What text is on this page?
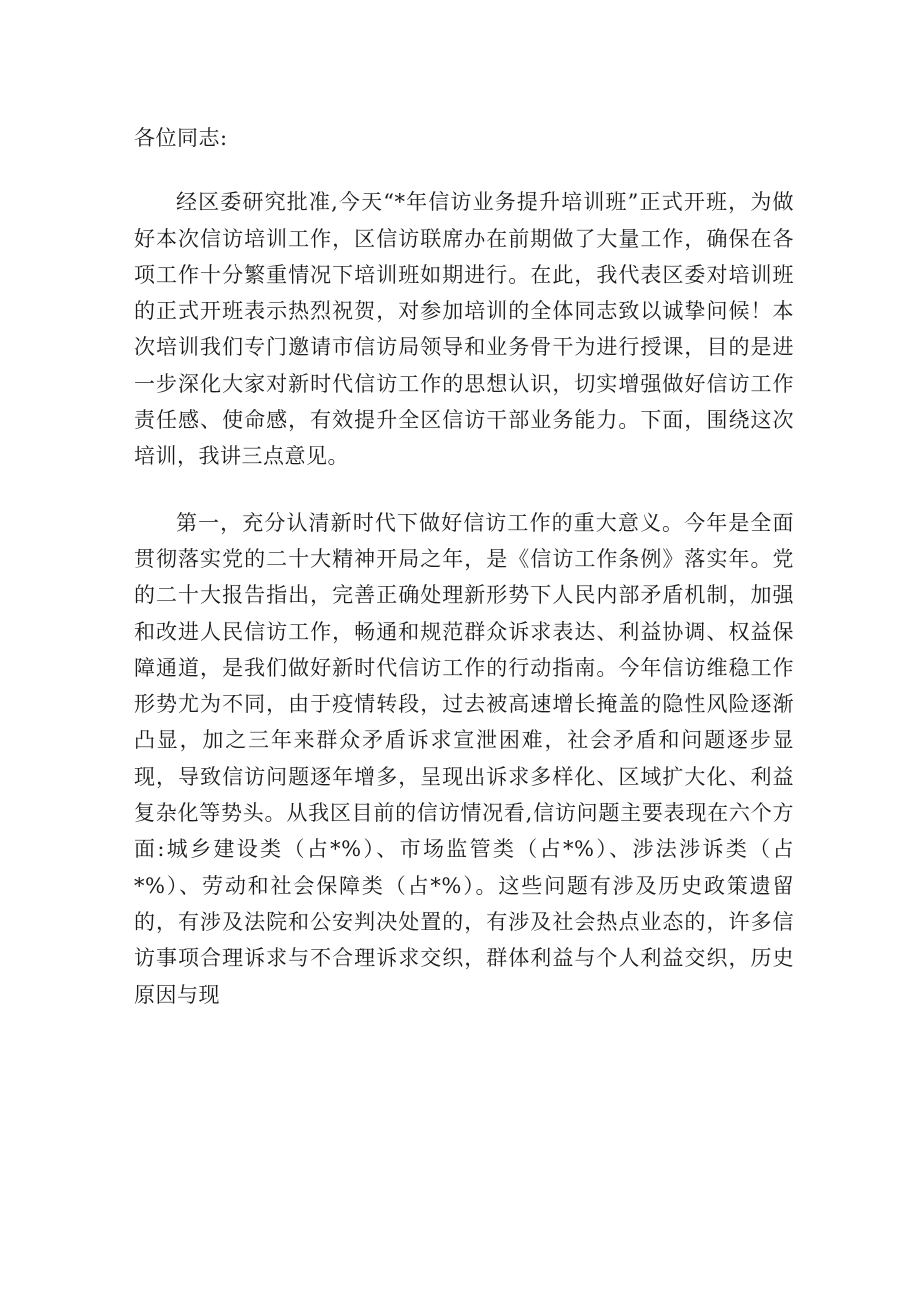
各位同志:

经区委研究批准,今天“*年信访业务提升培训班”正式开班，为做好本次信访培训工作，区信访联席办在前期做了大量工作，确保在各项工作十分繁重情况下培训班如期进行。在此，我代表区委对培训班的正式开班表示热烈祝贺，对参加培训的全体同志致以诚挚问候！本次培训我们专门邀请市信访局领导和业务骨干为进行授课，目的是进一步深化大家对新时代信访工作的思想认识，切实增强做好信访工作责任感、使命感，有效提升全区信访干部业务能力。下面，围绕这次培训，我讲三点意见。

第一，充分认清新时代下做好信访工作的重大意义。今年是全面贯彻落实党的二十大精神开局之年，是《信访工作条例》落实年。党的二十大报告指出，完善正确处理新形势下人民内部矛盾机制，加强和改进人民信访工作，畅通和规范群众诉求表达、利益协调、权益保障通道，是我们做好新时代信访工作的行动指南。今年信访维稳工作形势尤为不同，由于疫情转段，过去被高速增长掩盖的隐性风险逐渐凸显，加之三年来群众矛盾诉求宣泄困难，社会矛盾和问题逐步显现，导致信访问题逐年增多，呈现出诉求多样化、区域扩大化、利益复杂化等势头。从我区目前的信访情况看,信访问题主要表现在六个方面:城乡建设类（占*%）、市场监管类（占*%）、涉法涉诉类（占*%）、劳动和社会保障类（占*%）。这些问题有涉及历史政策遗留的，有涉及法院和公安判决处置的，有涉及社会热点业态的，许多信访事项合理诉求与不合理诉求交织，群体利益与个人利益交织，历史原因与现
